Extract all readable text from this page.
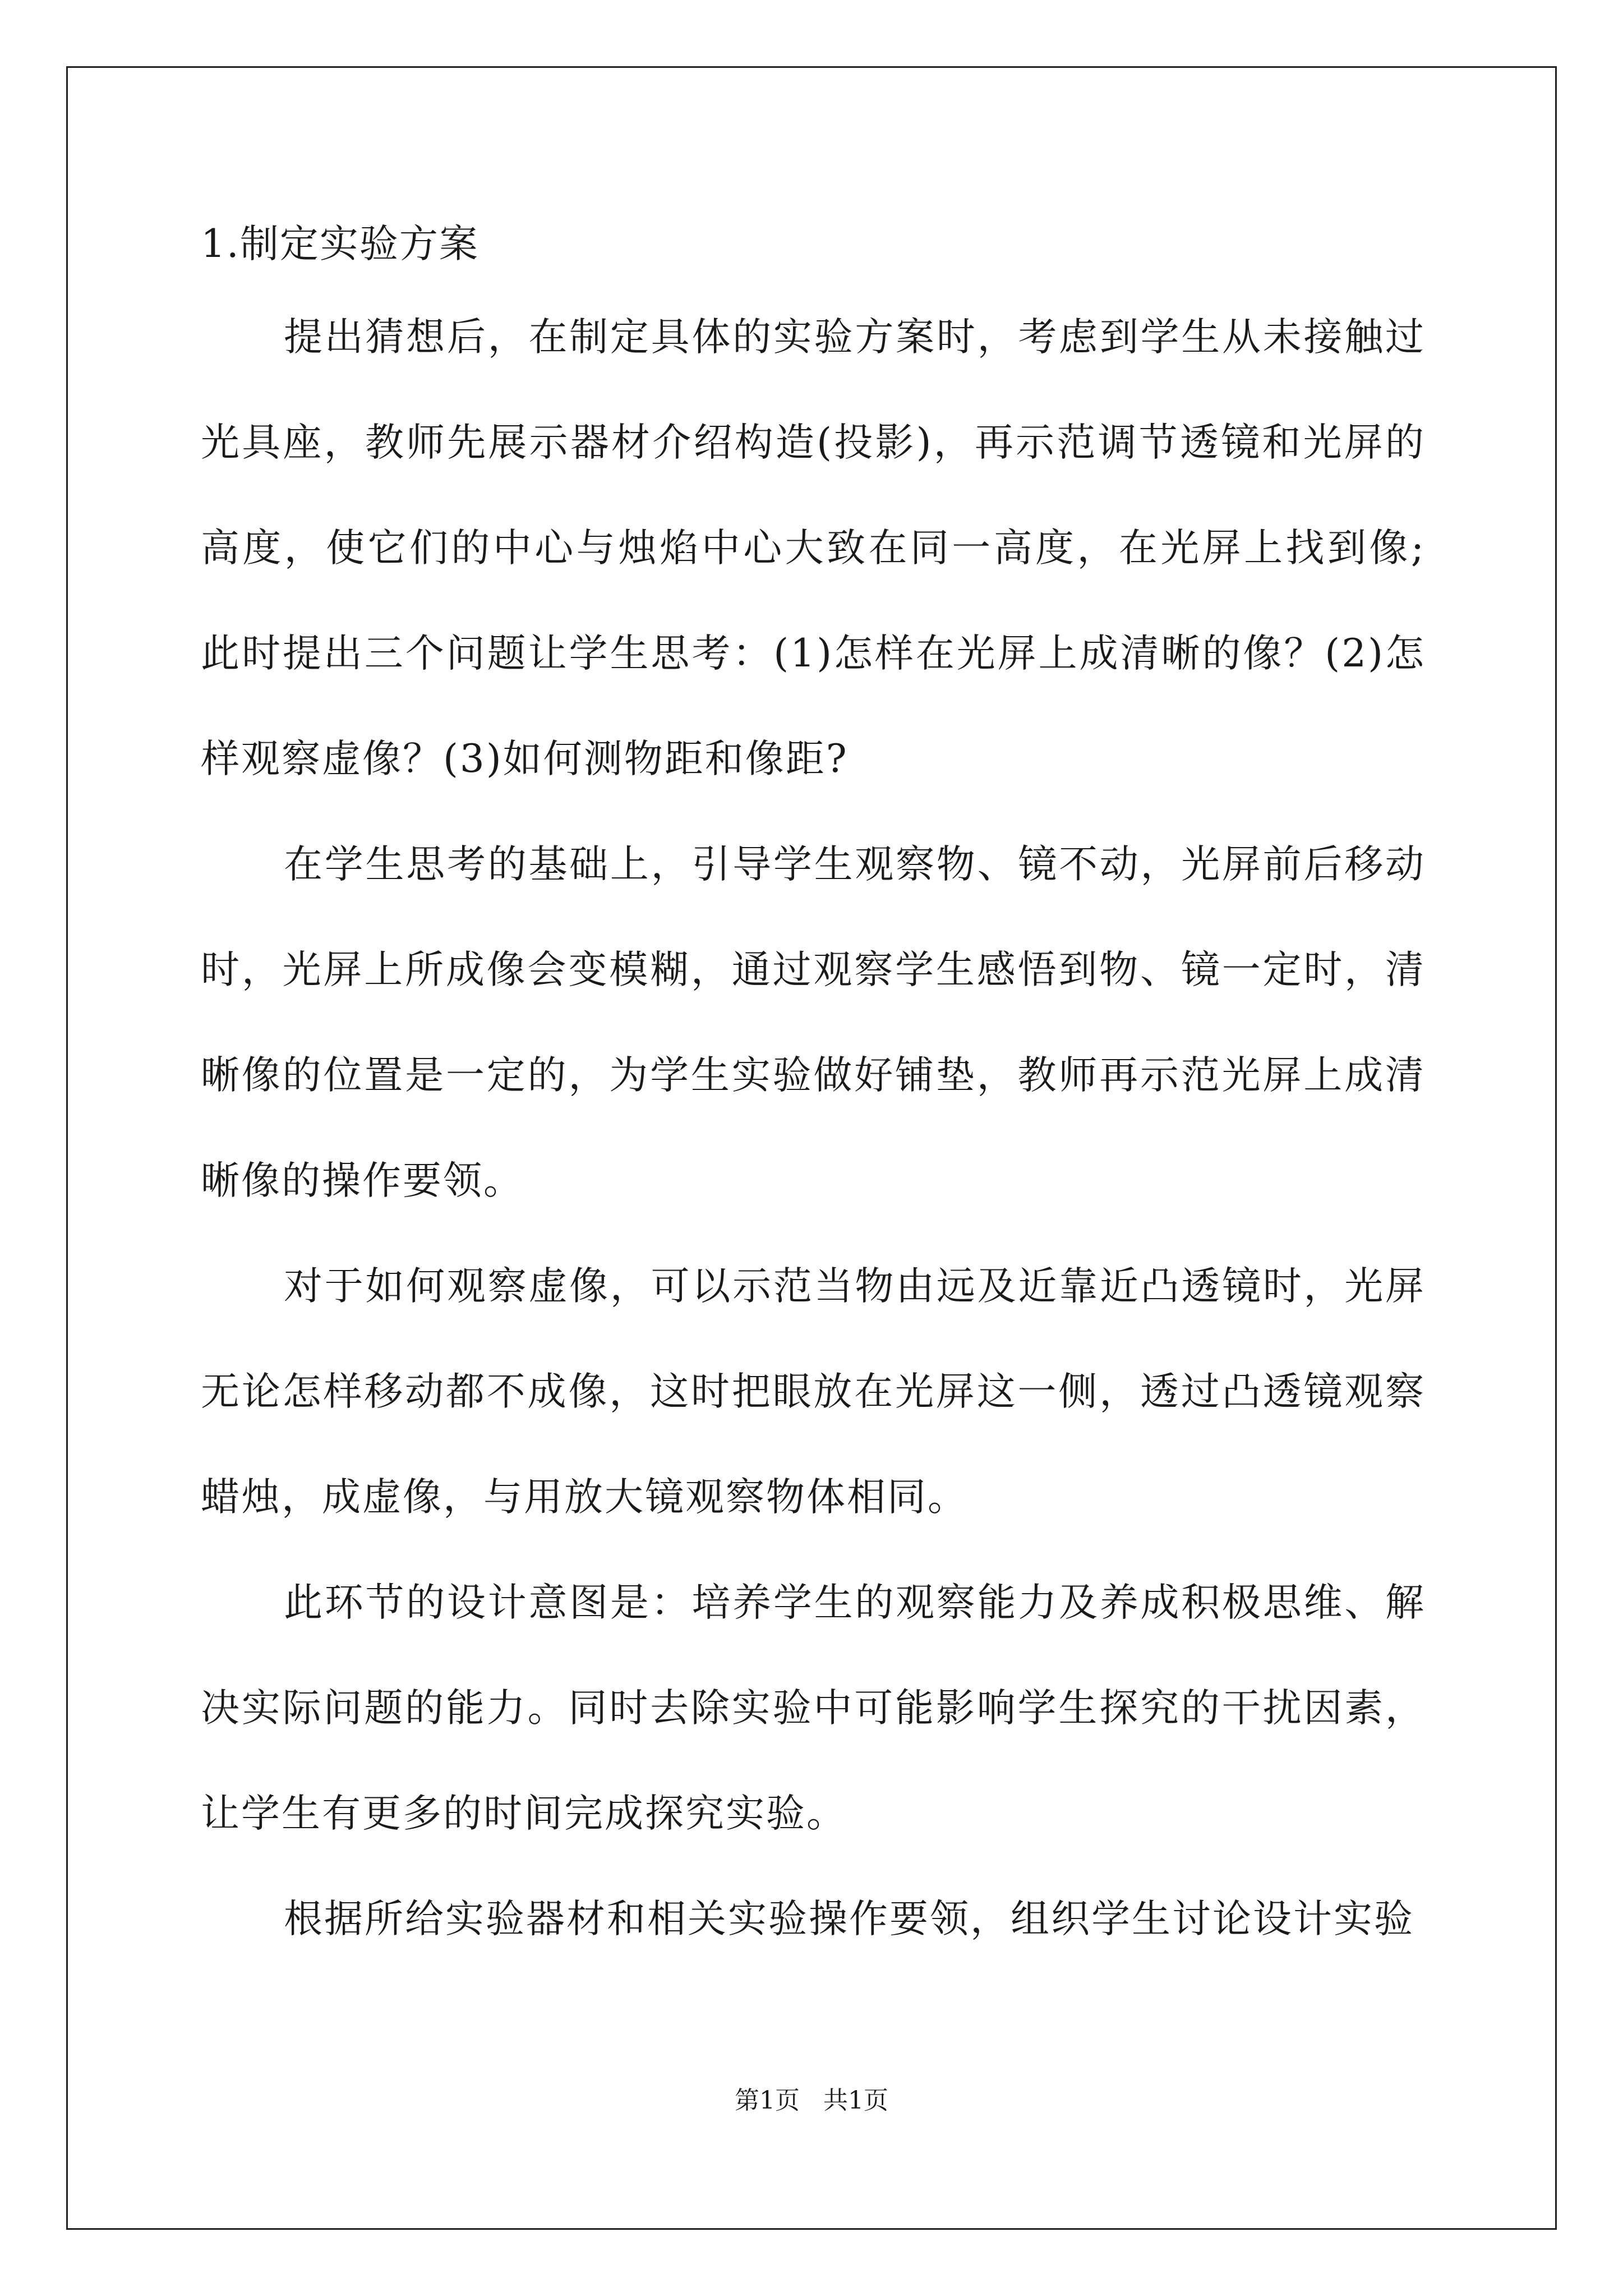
1.制定实验方案

提出猜想后，在制定具体的实验方案时，考虑到学生从未接触过光具座，教师先展示器材介绍构造(投影)，再示范调节透镜和光屏的高度，使它们的中心与烛焰中心大致在同一高度，在光屏上找到像;此时提出三个问题让学生思考：(1)怎样在光屏上成清晰的像？(2)怎样观察虚像？(3)如何测物距和像距?

在学生思考的基础上，引导学生观察物、镜不动，光屏前后移动时，光屏上所成像会变模糊，通过观察学生感悟到物、镜一定时，清晰像的位置是一定的，为学生实验做好铺垫，教师再示范光屏上成清晰像的操作要领。

对于如何观察虚像，可以示范当物由远及近靠近凸透镜时，光屏无论怎样移动都不成像，这时把眼放在光屏这一侧，透过凸透镜观察蜡烛，成虚像，与用放大镜观察物体相同。

此环节的设计意图是：培养学生的观察能力及养成积极思维、解决实际问题的能力。同时去除实验中可能影响学生探究的干扰因素，让学生有更多的时间完成探究实验。

根据所给实验器材和相关实验操作要领，组织学生讨论设计实验

第1页   共1页
